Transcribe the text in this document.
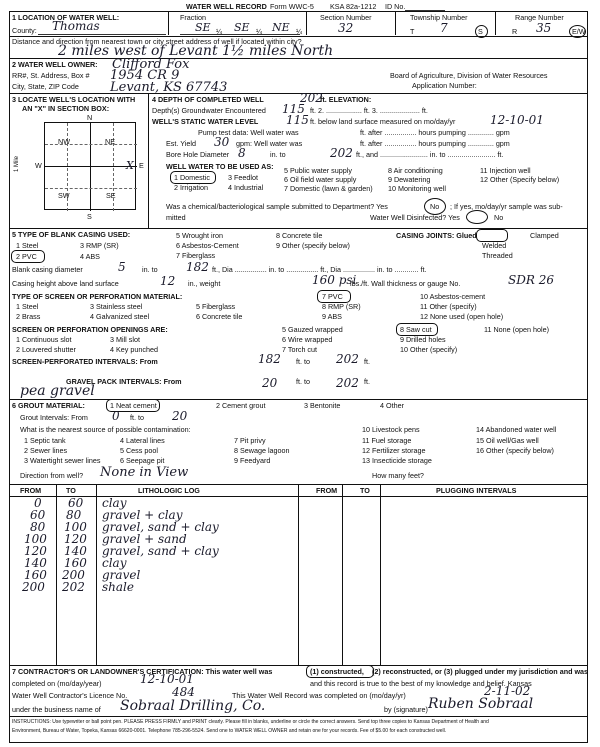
WATER WELL RECORD Form WWC-5 KSA 82a-1212 ID No.
1 LOCATION OF WATER WELL:	Fraction	Section Number	Township Number	Range Number
County: Thomas	SE ¼ SE ¼ NE ¼	32	T 7	S	R 35	E/W
Distance and direction from nearest town or city street address of well if located within city?
2 miles west of Levant 1½ miles North
2 WATER WELL OWNER: Clifford Fox
RR#, St. Address, Box # 1954 CR 9
City, State, ZIP Code Levant, KS 67743
Board of Agriculture, Division of Water Resources
Application Number:
3 LOCATE WELL'S LOCATION WITH
AN "X" IN SECTION BOX:
N
NW	NE
SW	SE
W	E
S
1 Mile	X
4 DEPTH OF COMPLETED WELL	202
ft. ELEVATION:
Depth(s) Groundwater Encountered 115 ft. 2. .................. ft. 3. .................... ft.
WELL'S STATIC WATER LEVEL 115 ft. below land surface measured on mo/day/yr	12-10-01
Pump test data: Well water was	ft. after ................ hours pumping ............. gpm
Est. Yield 30 gpm: Well water was	ft. after ................ hours pumping ............. gpm
Bore Hole Diameter 8	in. to	202 ft., and ........................ in. to ........................ ft.
WELL WATER TO BE USED AS:
1 Domestic
2 Irrigation
3 Feedlot
4 Industrial
5 Public water supply
6 Oil field water supply
7 Domestic (lawn & garden)
8 Air conditioning
9 Dewatering
10 Monitoring well
11 Injection well
12 Other (Specify below)
Was a chemical/bacteriological sample submitted to Department? Yes	No ; If yes, mo/day/yr sample was sub-
mitted	Water Well Disinfected? Yes	No
5 TYPE OF BLANK CASING USED:
1 Steel
2 PVC
3 RMP (SR)
4 ABS
5 Wrought iron
6 Asbestos-Cement
7 Fiberglass
8 Concrete tile
9 Other (specify below)
CASING JOINTS: Glued	Clamped
Welded
Threaded
Blank casing diameter	5 in. to 182 ft., Dia ................ in. to ................ ft., Dia ................ in. to ............ ft.
Casing height above land surface	12 in., weight	160 psi
lbs./ft. Wall thickness or gauge No.	SDR 26
TYPE OF SCREEN OR PERFORATION MATERIAL:
1 Steel
2 Brass
3 Stainless steel
4 Galvanized steel
5 Fiberglass
6 Concrete tile
7 PVC
8 RMP (SR)
9 ABS
10 Asbestos-cement
11 Other (specify)
12 None used (open hole)
SCREEN OR PERFORATION OPENINGS ARE:
1 Continuous slot
2 Louvered shutter
3 Mill slot
4 Key punched
5 Gauzed wrapped
6 Wire wrapped
7 Torch cut
8 Saw cut
9 Drilled holes
10 Other (specify)
11 None (open hole)
SCREEN-PERFORATED INTERVALS: From	182 ft. to 202 ft.
GRAVEL PACK INTERVALS: From	20	ft. to 202 ft.
pea gravel
6 GROUT MATERIAL:	1 Neat cement	2 Cement grout	3 Bentonite	4 Other
Grout Intervals: From 0 ft. to 20
What is the nearest source of possible contamination:
1 Septic tank
2 Sewer lines
3 Watertight sewer lines
4 Lateral lines
5 Cess pool
6 Seepage pit
7 Pit privy
8 Sewage lagoon
9 Feedyard
10 Livestock pens
11 Fuel storage
12 Fertilizer storage
13 Insecticide storage
14 Abandoned water well
15 Oil well/Gas well
16 Other (specify below)
Direction from well? None in View	How many feet?
FROM	TO	LITHOLOGIC LOG	FROM	TO	PLUGGING INTERVALS
0 60 clay
60 80 gravel + clay
80 100 gravel, sand + clay
100 120 gravel + sand
120 140 gravel, sand + clay
140 160 clay
160 200 gravel
200 202 shale
7 CONTRACTOR'S OR LANDOWNER'S CERTIFICATION: This water well was	(1) constructed, (2) reconstructed, or (3) plugged under my jurisdiction and was
completed on (mo/day/year)	12-10-01	and this record is true to the best of my knowledge and belief. Kansas
Water Well Contractor's Licence No.	484	This Water Well Record was completed on (mo/day/yr)	2-11-02
under the business name of Sobraal Drilling, Co.	by (signature) Ruben Sobraal
INSTRUCTIONS: Use typewriter or ball point pen. PLEASE PRESS FIRMLY and PRINT clearly. Please fill in blanks, underline or circle the correct answers. Send top three copies to Kansas Department of Health and
Environment, Bureau of Water, Topeka, Kansas 66620-0001. Telephone 785-296-5524. Send one to WATER WELL OWNER and retain one for your records. Fee of $5.00 for each constructed well.
